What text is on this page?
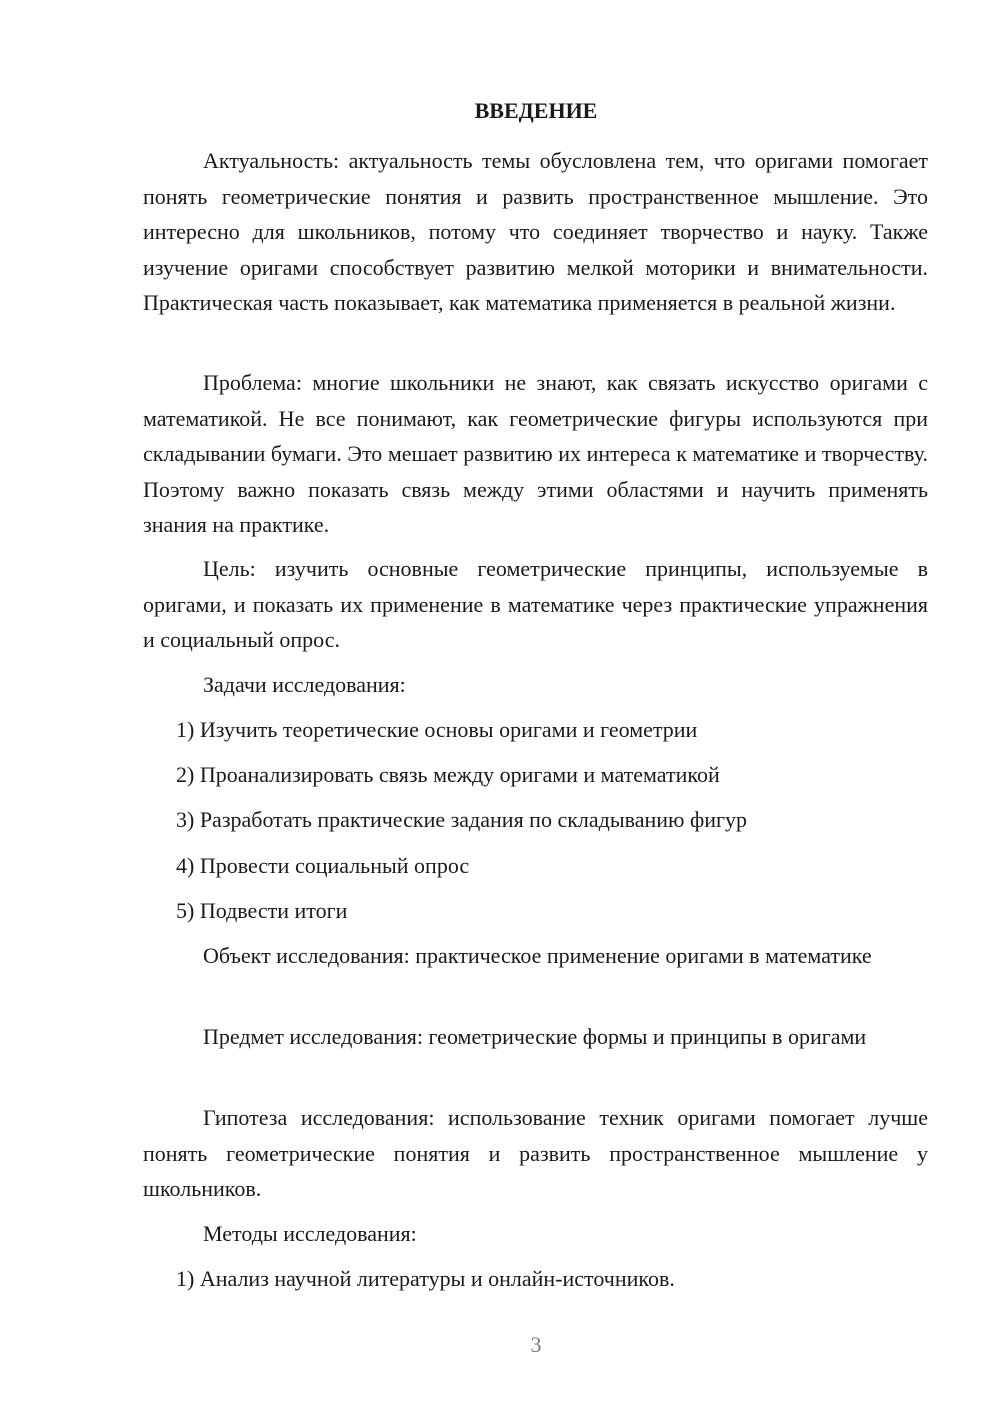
ВВЕДЕНИЕ

Актуальность: актуальность темы обусловлена тем, что оригами помогает понять геометрические понятия и развить пространственное мышление. Это интересно для школьников, потому что соединяет творчество и науку. Также изучение оригами способствует развитию мелкой моторики и внимательности. Практическая часть показывает, как математика применяется в реальной жизни.

Проблема: многие школьники не знают, как связать искусство оригами с математикой. Не все понимают, как геометрические фигуры используются при складывании бумаги. Это мешает развитию их интереса к математике и творчеству. Поэтому важно показать связь между этими областями и научить применять знания на практике.

Цель: изучить основные геометрические принципы, используемые в оригами, и показать их применение в математике через практические упражнения и социальный опрос.

Задачи исследования:

1) Изучить теоретические основы оригами и геометрии
2) Проанализировать связь между оригами и математикой
3) Разработать практические задания по складыванию фигур
4) Провести социальный опрос
5) Подвести итоги

Объект исследования: практическое применение оригами в математике

Предмет исследования: геометрические формы и принципы в оригами

Гипотеза исследования: использование техник оригами помогает лучше понять геометрические понятия и развить пространственное мышление у школьников.

Методы исследования:

1) Анализ научной литературы и онлайн-источников.
3
